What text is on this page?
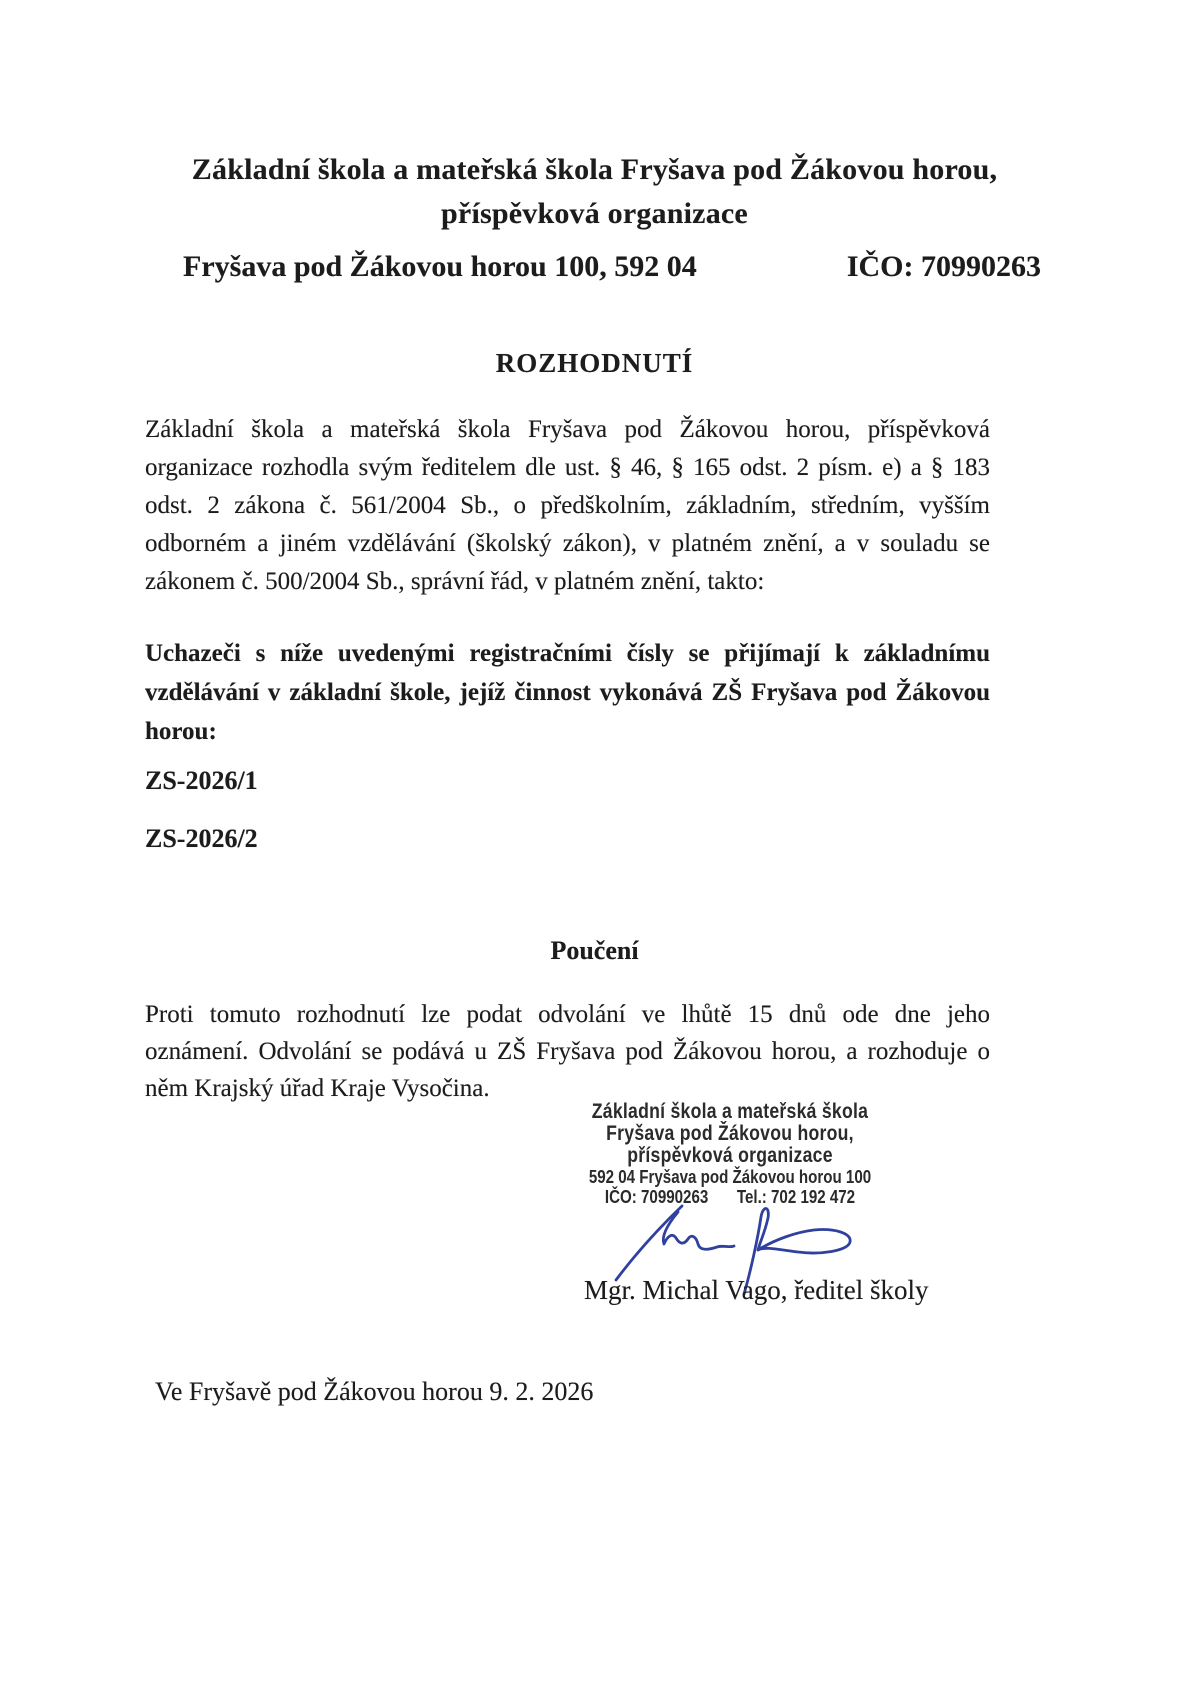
Základní škola a mateřská škola Fryšava pod Žákovou horou,
příspěvková organizace
Fryšava pod Žákovou horou 100, 592 04	IČO: 70990263
ROZHODNUTÍ
Základní škola a mateřská škola Fryšava pod Žákovou horou, příspěvková
organizace rozhodla svým ředitelem dle ust. § 46, § 165 odst. 2 písm. e) a § 183
odst. 2 zákona č. 561/2004 Sb., o předškolním, základním, středním, vyšším
odborném a jiném vzdělávání (školský zákon), v platném znění, a v souladu se
zákonem č. 500/2004 Sb., správní řád, v platném znění, takto:
Uchazeči s níže uvedenými registračními čísly se přijímají k základnímu
vzdělávání v základní škole, jejíž činnost vykonává ZŠ Fryšava pod Žákovou
horou:
ZS-2026/1
ZS-2026/2
Poučení
Proti tomuto rozhodnutí lze podat odvolání ve lhůtě 15 dnů ode dne jeho
oznámení. Odvolání se podává u ZŠ Fryšava pod Žákovou horou, a rozhoduje o
něm Krajský úřad Kraje Vysočina.
Základní škola a mateřská škola
Fryšava pod Žákovou horou,
příspěvková organizace
592 04 Fryšava pod Žákovou horou 100
IČO: 70990263 Tel.: 702 192 472
Mgr. Michal Vago, ředitel školy
Ve Fryšavě pod Žákovou horou 9. 2. 2026
